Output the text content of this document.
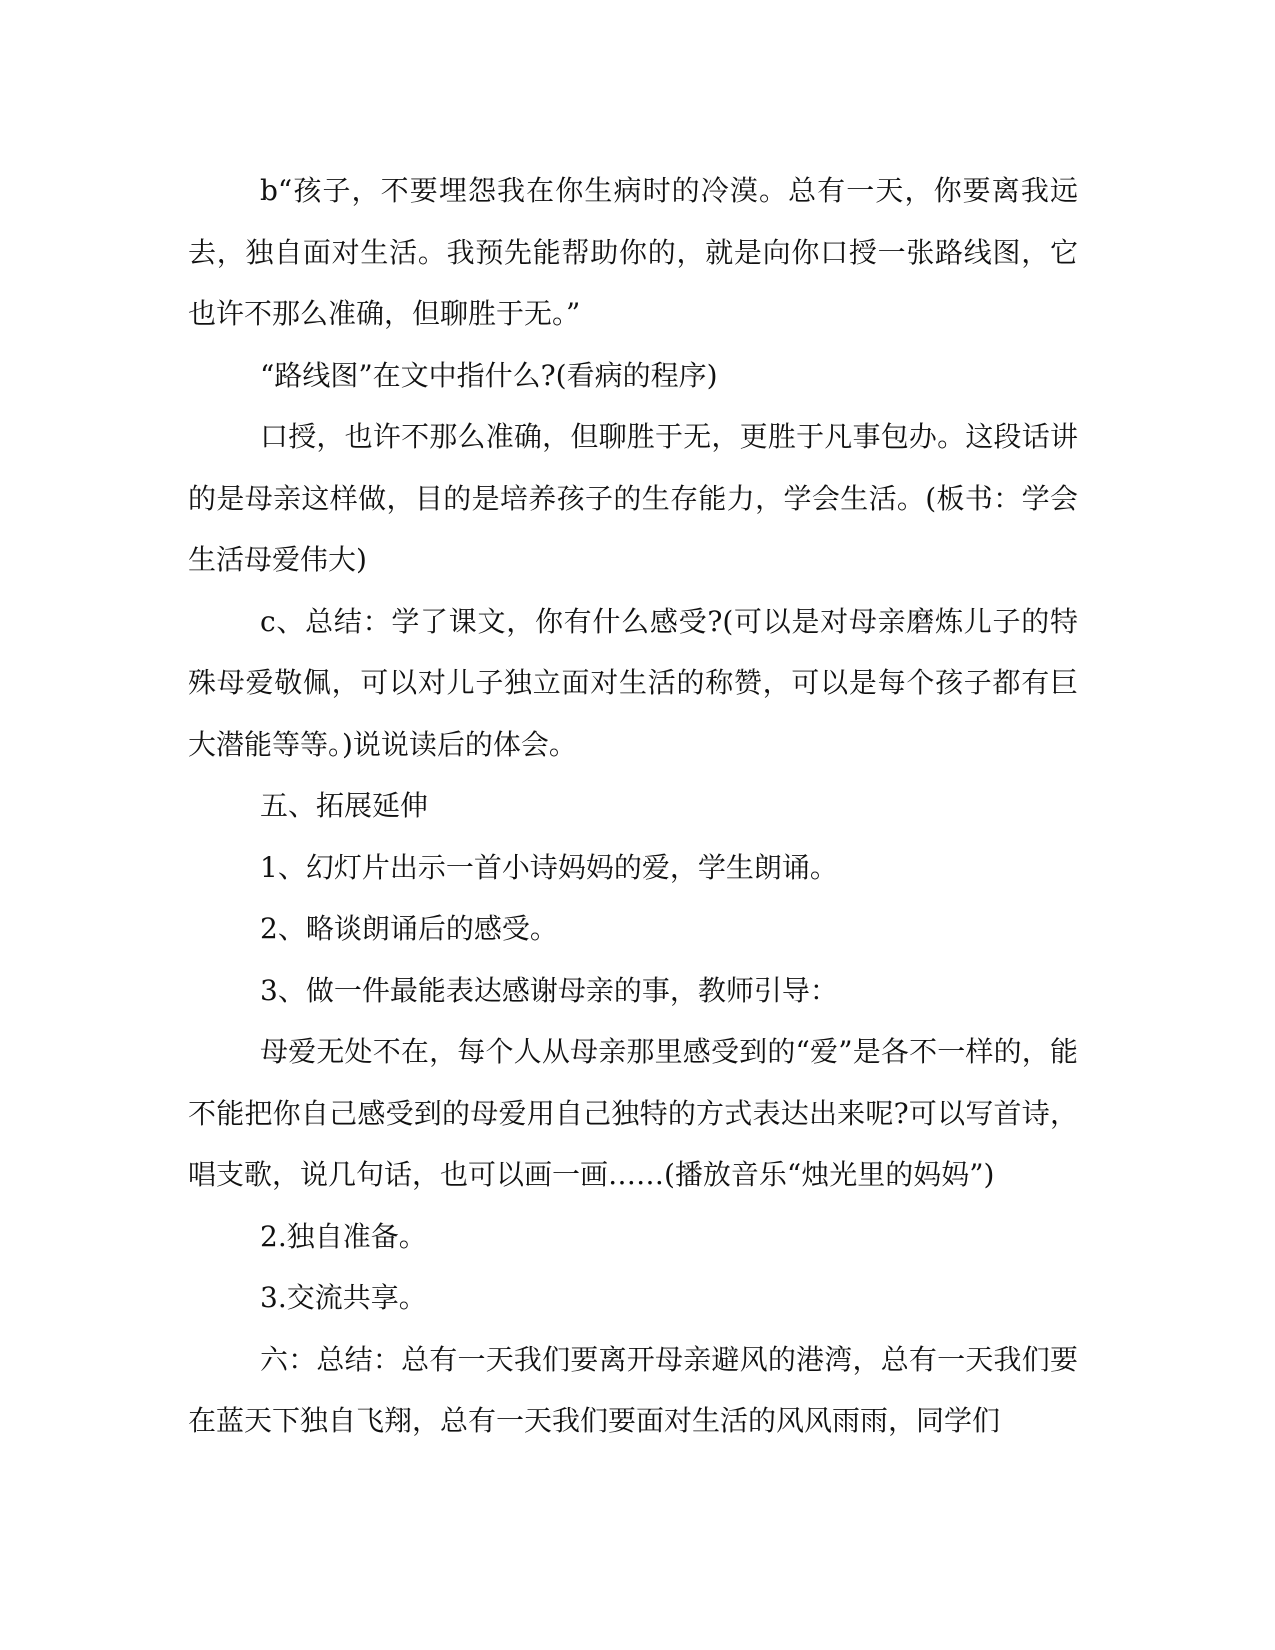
b“孩子，不要埋怨我在你生病时的冷漠。总有一天，你要离我远去，独自面对生活。我预先能帮助你的，就是向你口授一张路线图，它也许不那么准确，但聊胜于无。”

“路线图”在文中指什么?(看病的程序)

口授，也许不那么准确，但聊胜于无，更胜于凡事包办。这段话讲的是母亲这样做，目的是培养孩子的生存能力，学会生活。(板书：学会生活母爱伟大)

c、总结：学了课文，你有什么感受?(可以是对母亲磨炼儿子的特殊母爱敬佩，可以对儿子独立面对生活的称赞，可以是每个孩子都有巨大潜能等等。)说说读后的体会。

五、拓展延伸

1、幻灯片出示一首小诗妈妈的爱，学生朗诵。

2、略谈朗诵后的感受。

3、做一件最能表达感谢母亲的事，教师引导：

母爱无处不在，每个人从母亲那里感受到的“爱”是各不一样的，能不能把你自己感受到的母爱用自己独特的方式表达出来呢?可以写首诗，唱支歌，说几句话，也可以画一画……(播放音乐“烛光里的妈妈”)

2.独自准备。

3.交流共享。

六：总结：总有一天我们要离开母亲避风的港湾，总有一天我们要在蓝天下独自飞翔，总有一天我们要面对生活的风风雨雨，同学们
